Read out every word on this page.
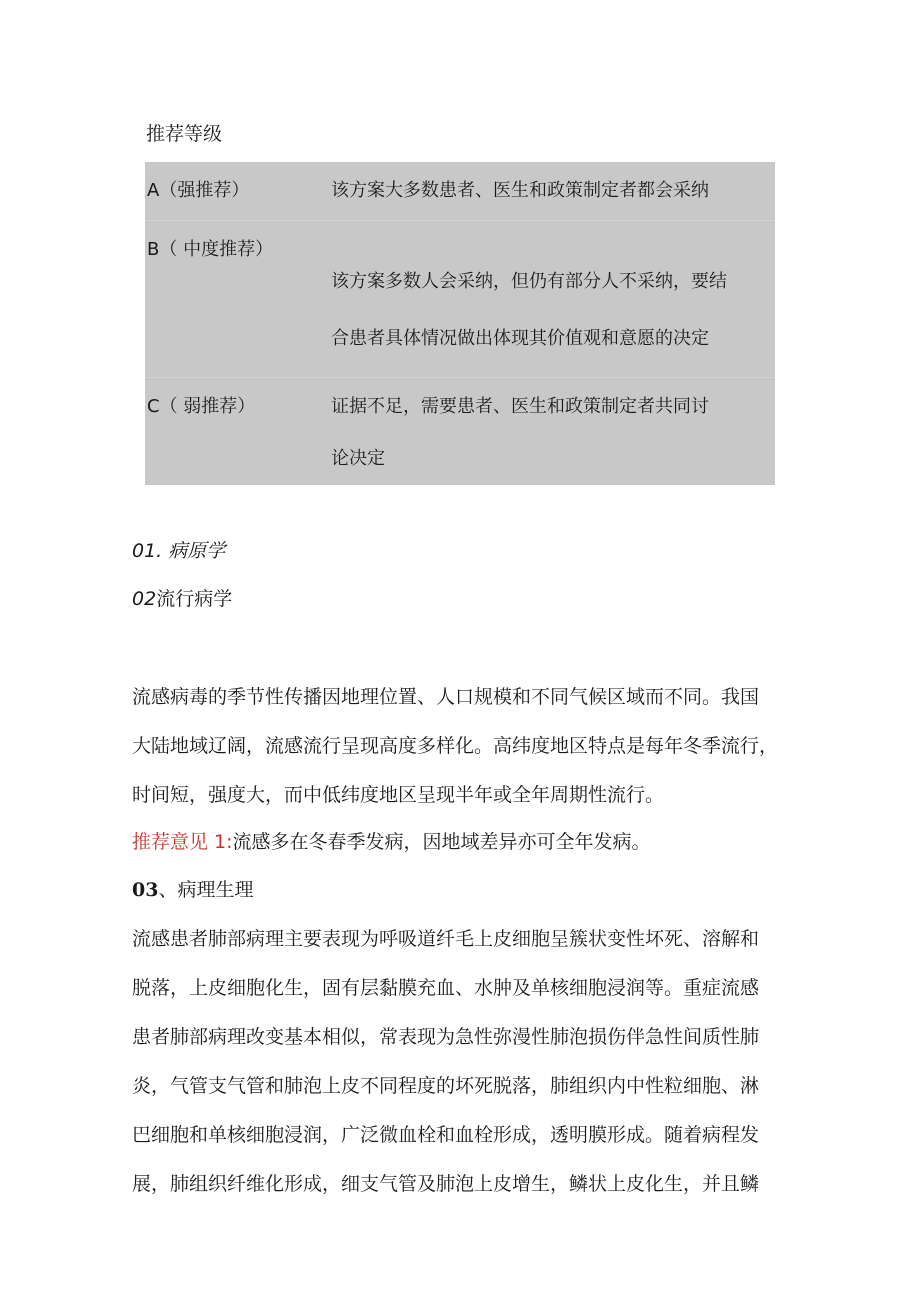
推荐等级
A（强推荐）	该方案大多数患者、医生和政策制定者都会采纳
B（ 中度推荐）
该方案多数人会采纳，但仍有部分人不采纳，要结
合患者具体情况做出体现其价值观和意愿的决定
C（ 弱推荐）	证据不足，需要患者、医生和政策制定者共同讨
论决定
01. 病原学
02流行病学
流感病毒的季节性传播因地理位置、人口规模和不同气候区域而不同。我国
大陆地域辽阔，流感流行呈现高度多样化。高纬度地区特点是每年冬季流行，
时间短，强度大，而中低纬度地区呈现半年或全年周期性流行。
推荐意见 1:流感多在冬春季发病，因地域差异亦可全年发病。
03、病理生理
流感患者肺部病理主要表现为呼吸道纤毛上皮细胞呈簇状变性坏死、溶解和
脱落，上皮细胞化生，固有层黏膜充血、水肿及单核细胞浸润等。重症流感
患者肺部病理改变基本相似，常表现为急性弥漫性肺泡损伤伴急性间质性肺
炎，气管支气管和肺泡上皮不同程度的坏死脱落，肺组织内中性粒细胞、淋
巴细胞和单核细胞浸润，广泛微血栓和血栓形成，透明膜形成。随着病程发
展，肺组织纤维化形成，细支气管及肺泡上皮增生，鳞状上皮化生，并且鳞
